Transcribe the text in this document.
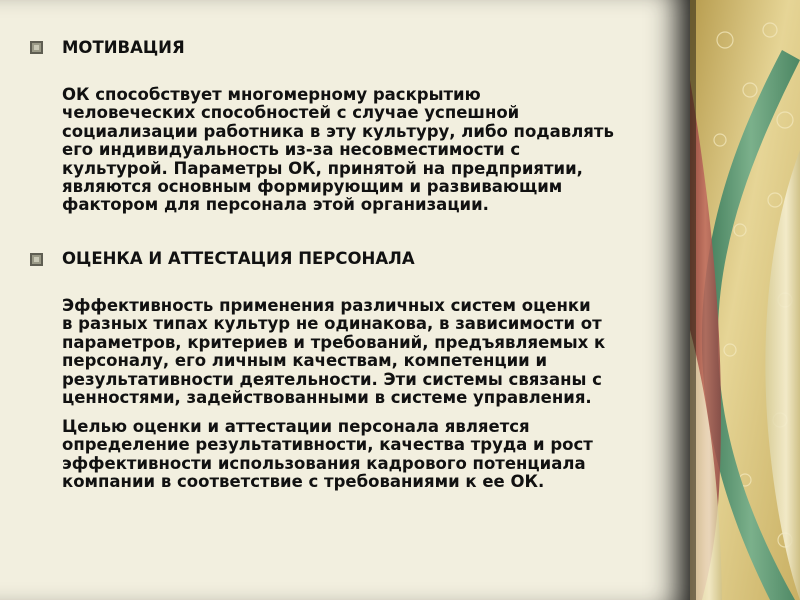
МОТИВАЦИЯ

ОК способствует многомерному раскрытию
человеческих способностей с случае успешной
социализации работника в эту культуру, либо подавлять
его индивидуальность из-за несовместимости с
культурой. Параметры ОК, принятой на предприятии,
являются основным формирующим и развивающим
фактором для персонала этой организации.

ОЦЕНКА И АТТЕСТАЦИЯ ПЕРСОНАЛА

Эффективность применения различных систем оценки
в разных типах культур не одинакова, в зависимости от
параметров, критериев и требований, предъявляемых к
персоналу, его личным качествам, компетенции и
результативности деятельности. Эти системы связаны с
ценностями, задействованными в системе управления.

Целью оценки и аттестации персонала является
определение результативности, качества труда и рост
эффективности использования кадрового потенциала
компании в соответствие с требованиями к ее ОК.
